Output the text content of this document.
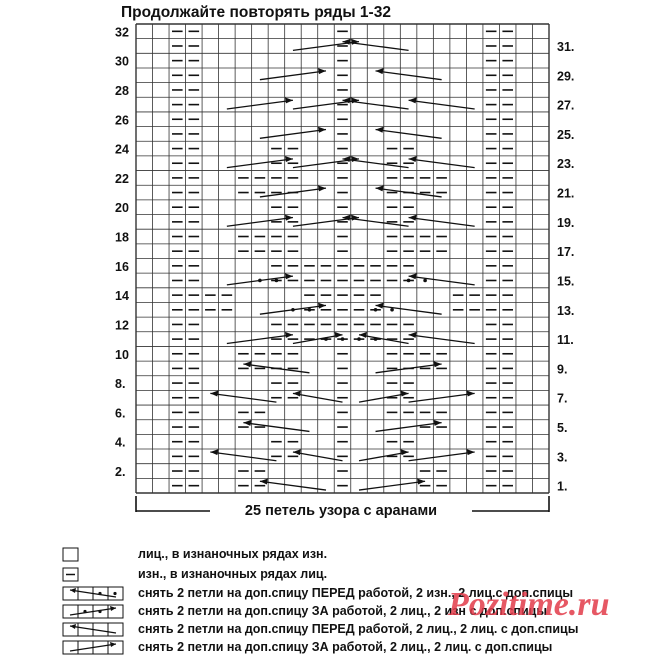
Продолжайте повторять ряды 1-32
32
30
28
26
24
22
20
18
16
14
12
10
8.
6.
4.
2.
31.
29.
27.
25.
23.
21.
19.
17.
15.
13.
11.
9.
7.
5.
3.
1.
25 петель узора с аранами
лиц., в изнаночных рядах изн.
изн., в изнаночных рядах лиц.
снять 2 петли на доп.спицу ПЕРЕД работой, 2 изн., 2 лиц.с доп.спицы
снять 2 петли на доп.спицу ЗА работой, 2 лиц., 2 изн с доп.спицы
снять 2 петли на доп.спицу ПЕРЕД работой, 2 лиц., 2 лиц. с доп.спицы
снять 2 петли на доп.спицу ЗА работой, 2 лиц., 2 лиц. с доп.спицы
Pozitime.ru
